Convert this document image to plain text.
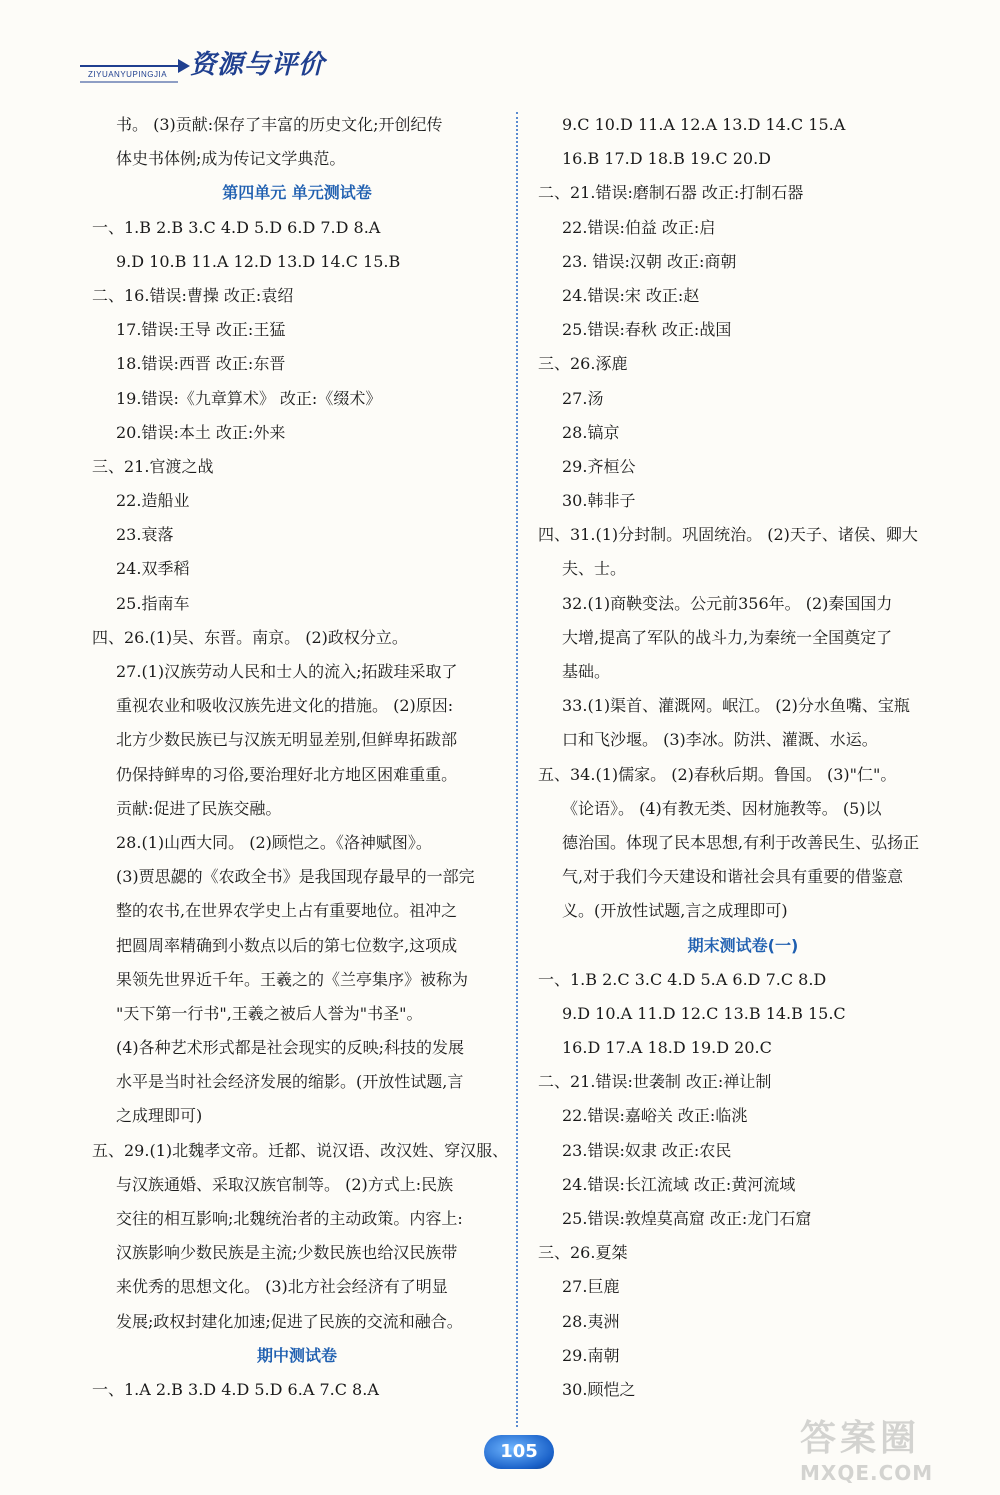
ZIYUANYUPINGJIA 资源与评价
书。 (3)贡献:保存了丰富的历史文化;开创纪传
体史书体例;成为传记文学典范。
第四单元 单元测试卷
一、1.B 2.B 3.C 4.D 5.D 6.D 7.D 8.A
9.D 10.B 11.A 12.D 13.D 14.C 15.B
二、16.错误:曹操 改正:袁绍
17.错误:王导 改正:王猛
18.错误:西晋 改正:东晋
19.错误:《九章算术》 改正:《缀术》
20.错误:本土 改正:外来
三、21.官渡之战
22.造船业
23.衰落
24.双季稻
25.指南车
四、26.(1)吴、东晋。南京。 (2)政权分立。
27.(1)汉族劳动人民和士人的流入;拓跋珪采取了
重视农业和吸收汉族先进文化的措施。 (2)原因:
北方少数民族已与汉族无明显差别,但鲜卑拓跋部
仍保持鲜卑的习俗,要治理好北方地区困难重重。
贡献:促进了民族交融。
28.(1)山西大同。 (2)顾恺之。《洛神赋图》。
(3)贾思勰的《农政全书》是我国现存最早的一部完
整的农书,在世界农学史上占有重要地位。祖冲之
把圆周率精确到小数点以后的第七位数字,这项成
果领先世界近千年。王羲之的《兰亭集序》被称为
"天下第一行书",王羲之被后人誉为"书圣"。
(4)各种艺术形式都是社会现实的反映;科技的发展
水平是当时社会经济发展的缩影。(开放性试题,言
之成理即可)
五、29.(1)北魏孝文帝。迁都、说汉语、改汉姓、穿汉服、
与汉族通婚、采取汉族官制等。 (2)方式上:民族
交往的相互影响;北魏统治者的主动政策。内容上:
汉族影响少数民族是主流;少数民族也给汉民族带
来优秀的思想文化。 (3)北方社会经济有了明显
发展;政权封建化加速;促进了民族的交流和融合。
期中测试卷
一、1.A 2.B 3.D 4.D 5.D 6.A 7.C 8.A
9.C 10.D 11.A 12.A 13.D 14.C 15.A
16.B 17.D 18.B 19.C 20.D
二、21.错误:磨制石器 改正:打制石器
22.错误:伯益 改正:启
23. 错误:汉朝 改正:商朝
24.错误:宋 改正:赵
25.错误:春秋 改正:战国
三、26.涿鹿
27.汤
28.镐京
29.齐桓公
30.韩非子
四、31.(1)分封制。巩固统治。 (2)天子、诸侯、卿大
夫、士。
32.(1)商鞅变法。公元前356年。 (2)秦国国力
大增,提高了军队的战斗力,为秦统一全国奠定了
基础。
33.(1)渠首、灌溉网。岷江。 (2)分水鱼嘴、宝瓶
口和飞沙堰。 (3)李冰。防洪、灌溉、水运。
五、34.(1)儒家。 (2)春秋后期。鲁国。 (3)"仁"。
《论语》。 (4)有教无类、因材施教等。 (5)以
德治国。体现了民本思想,有利于改善民生、弘扬正
气,对于我们今天建设和谐社会具有重要的借鉴意
义。(开放性试题,言之成理即可)
期末测试卷(一)
一、1.B 2.C 3.C 4.D 5.A 6.D 7.C 8.D
9.D 10.A 11.D 12.C 13.B 14.B 15.C
16.D 17.A 18.D 19.D 20.C
二、21.错误:世袭制 改正:禅让制
22.错误:嘉峪关 改正:临洮
23.错误:奴隶 改正:农民
24.错误:长江流域 改正:黄河流域
25.错误:敦煌莫高窟 改正:龙门石窟
三、26.夏桀
27.巨鹿
28.夷洲
29.南朝
30.顾恺之
105	答案圈
MXQE.COM
